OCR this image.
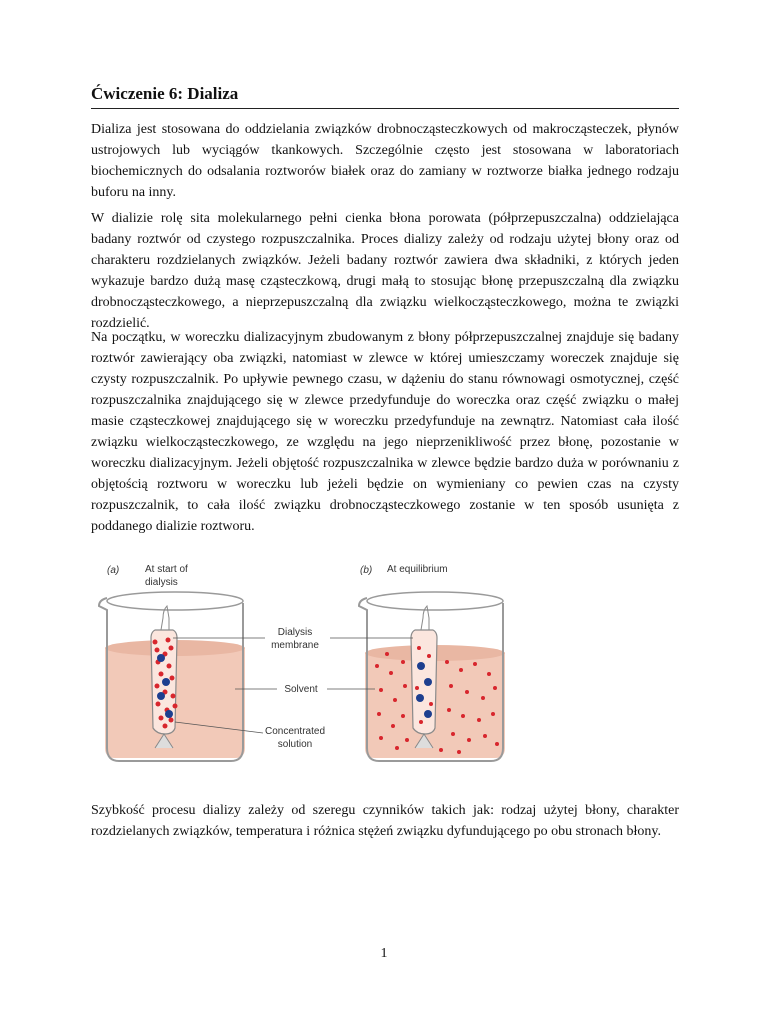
Ćwiczenie 6: Dializa

Dializa jest stosowana do oddzielania związków drobnocząsteczkowych od makrocząsteczek, płynów ustrojowych lub wyciągów tkankowych. Szczególnie często jest stosowana w laboratoriach biochemicznych do odsalania roztworów białek oraz do zamiany w roztworze białka jednego rodzaju buforu na inny.

W dializie rolę sita molekularnego pełni cienka błona porowata (półprzepuszczalna) oddzielająca badany roztwór od czystego rozpuszczalnika. Proces dializy zależy od rodzaju użytej błony oraz od charakteru rozdzielanych związków. Jeżeli badany roztwór zawiera dwa składniki, z których jeden wykazuje bardzo dużą masę cząsteczkową, drugi małą to stosując błonę przepuszczalną dla związku drobnocząsteczkowego, a nieprzepuszczalną dla związku wielkocząsteczkowego, można te związki rozdzielić.

Na początku, w woreczku dializacyjnym zbudowanym z błony półprzepuszczalnej znajduje się badany roztwór zawierający oba związki, natomiast w zlewce w której umieszczamy woreczek znajduje się czysty rozpuszczalnik. Po upływie pewnego czasu, w dążeniu do stanu równowagi osmotycznej, część rozpuszczalnika znajdującego się w zlewce przedyfunduje do woreczka oraz część związku o małej masie cząsteczkowej znajdującego się w woreczku przedyfunduje na zewnątrz. Natomiast cała ilość związku wielkocząsteczkowego, ze względu na jego nieprzenikliwość przez błonę, pozostanie w woreczku dializacyjnym. Jeżeli objętość rozpuszczalnika w zlewce będzie bardzo duża w porównaniu z objętością roztworu w woreczku lub jeżeli będzie on wymieniany co pewien czas na czysty rozpuszczalnik, to cała ilość związku drobnocząsteczkowego zostanie w ten sposób usunięta z poddanego dializie roztworu.

Szybkość procesu dializy zależy od szeregu czynników takich jak: rodzaj użytej błony, charakter rozdzielanych związków, temperatura i różnica stężeń związku dyfundującego po obu stronach błony.

(a)	At start of
dialysis
(b) At equilibrium
Dialysis
membrane
Solvent
Concentrated
solution
1
